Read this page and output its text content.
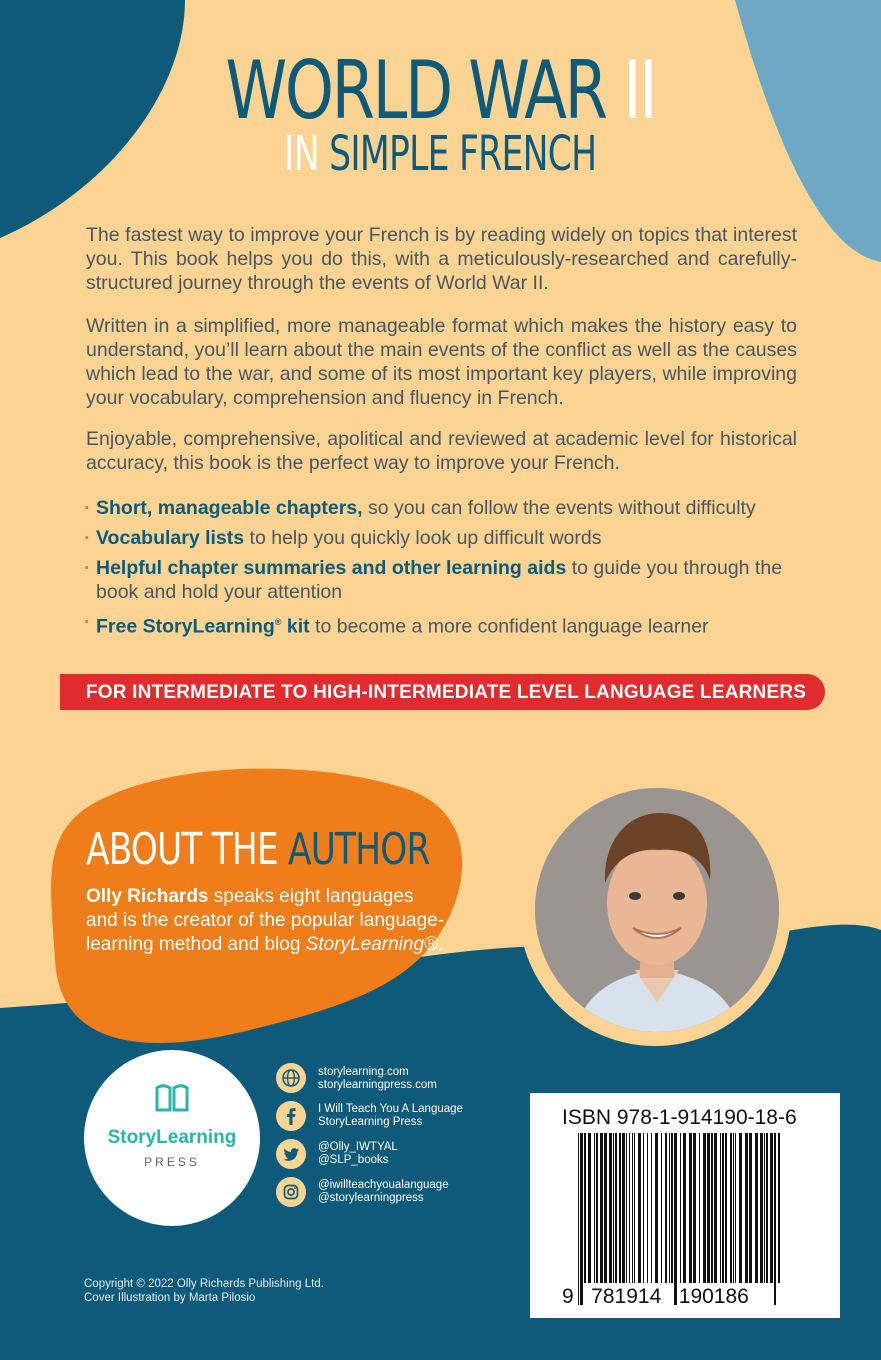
WORLD WAR II
IN SIMPLE FRENCH
The fastest way to improve your French is by reading widely on topics that interest you. This book helps you do this, with a meticulously-researched and carefully-structured journey through the events of World War II.
Written in a simplified, more manageable format which makes the history easy to understand, you’ll learn about the main events of the conflict as well as the causes which lead to the war, and some of its most important key players, while improving your vocabulary, comprehension and fluency in French.
Enjoyable, comprehensive, apolitical and reviewed at academic level for historical accuracy, this book is the perfect way to improve your French.
· Short, manageable chapters, so you can follow the events without difficulty
· Vocabulary lists to help you quickly look up difficult words
· Helpful chapter summaries and other learning aids to guide you through the book and hold your attention
· Free StoryLearning® kit to become a more confident language learner
FOR INTERMEDIATE TO HIGH-INTERMEDIATE LEVEL LANGUAGE LEARNERS
ABOUT THE AUTHOR
Olly Richards speaks eight languages and is the creator of the popular language-learning method and blog StoryLearning®.
StoryLearning
PRESS
storylearning.com
storylearningpress.com
I Will Teach You A Language
StoryLearning Press
@Olly_IWTYAL
@SLP_books
@iwillteachyoualanguage
@storylearningpress
ISBN 978-1-914190-18-6
9   781914   190186
Copyright © 2022 Olly Richards Publishing Ltd.
Cover Illustration by Marta Pilosio
